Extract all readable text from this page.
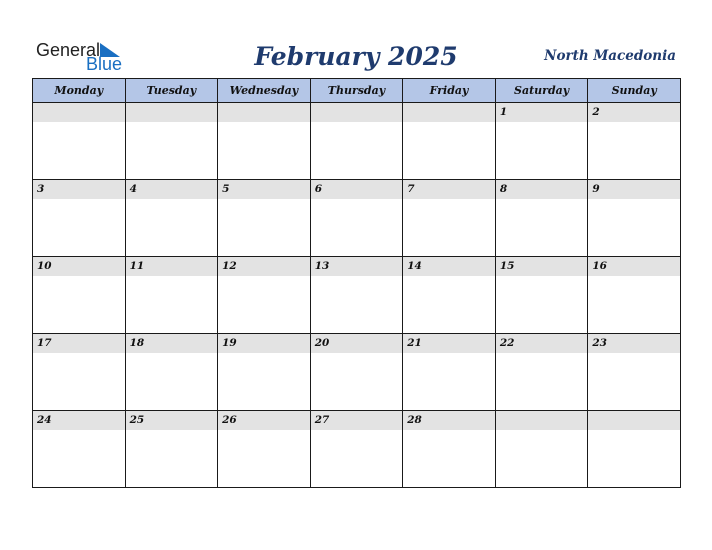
General
Blue	February 2025	North Macedonia
Monday	Tuesday	Wednesday	Thursday	Friday	Saturday	Sunday

					1	2

3	4	5	6	7	8	9

10	11	12	13	14	15	16

17	18	19	20	21	22	23

24	25	26	27	28		
